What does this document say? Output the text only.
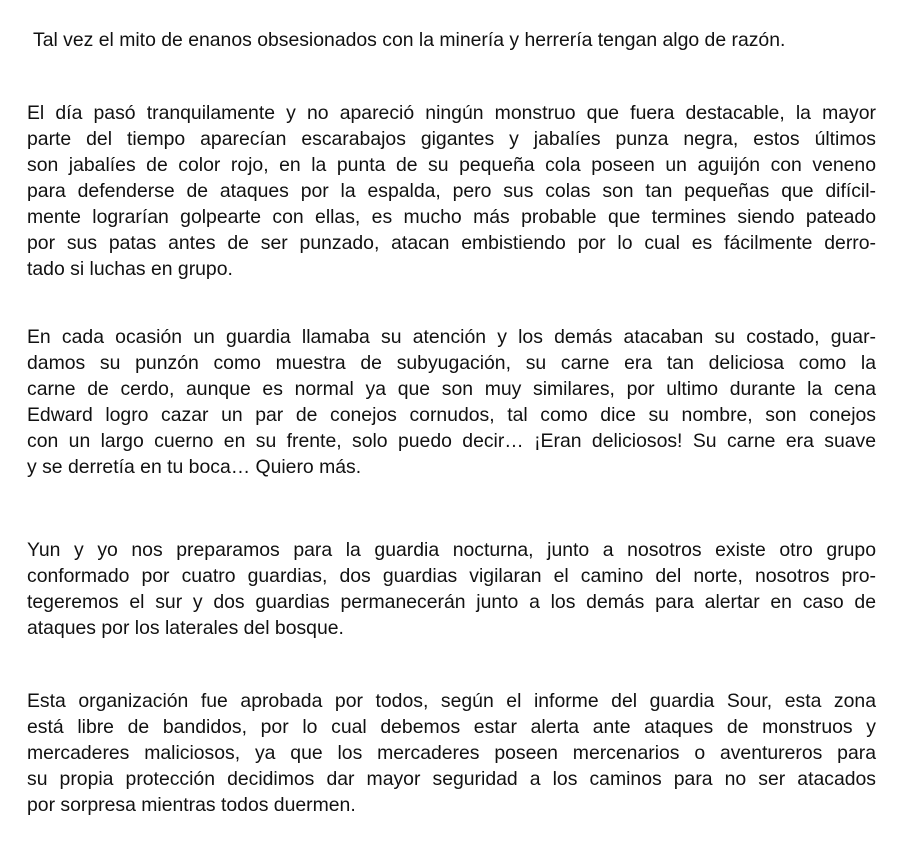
Tal vez el mito de enanos obsesionados con la minería y herrería tengan algo de razón.

El día pasó tranquilamente y no apareció ningún monstruo que fuera destacable, la mayor
parte del tiempo aparecían escarabajos gigantes y jabalíes punza negra, estos últimos
son jabalíes de color rojo, en la punta de su pequeña cola poseen un aguijón con veneno
para defenderse de ataques por la espalda, pero sus colas son tan pequeñas que difícil-
mente lograrían golpearte con ellas, es mucho más probable que termines siendo pateado
por sus patas antes de ser punzado, atacan embistiendo por lo cual es fácilmente derro-
tado si luchas en grupo.

En cada ocasión un guardia llamaba su atención y los demás atacaban su costado, guar-
damos su punzón como muestra de subyugación, su carne era tan deliciosa como la
carne de cerdo, aunque es normal ya que son muy similares, por ultimo durante la cena
Edward logro cazar un par de conejos cornudos, tal como dice su nombre, son conejos
con un largo cuerno en su frente, solo puedo decir… ¡Eran deliciosos! Su carne era suave
y se derretía en tu boca… Quiero más.

Yun y yo nos preparamos para la guardia nocturna, junto a nosotros existe otro grupo
conformado por cuatro guardias, dos guardias vigilaran el camino del norte, nosotros pro-
tegeremos el sur y dos guardias permanecerán junto a los demás para alertar en caso de
ataques por los laterales del bosque.

Esta organización fue aprobada por todos, según el informe del guardia Sour, esta zona
está libre de bandidos, por lo cual debemos estar alerta ante ataques de monstruos y
mercaderes maliciosos, ya que los mercaderes poseen mercenarios o aventureros para
su propia protección decidimos dar mayor seguridad a los caminos para no ser atacados
por sorpresa mientras todos duermen.
